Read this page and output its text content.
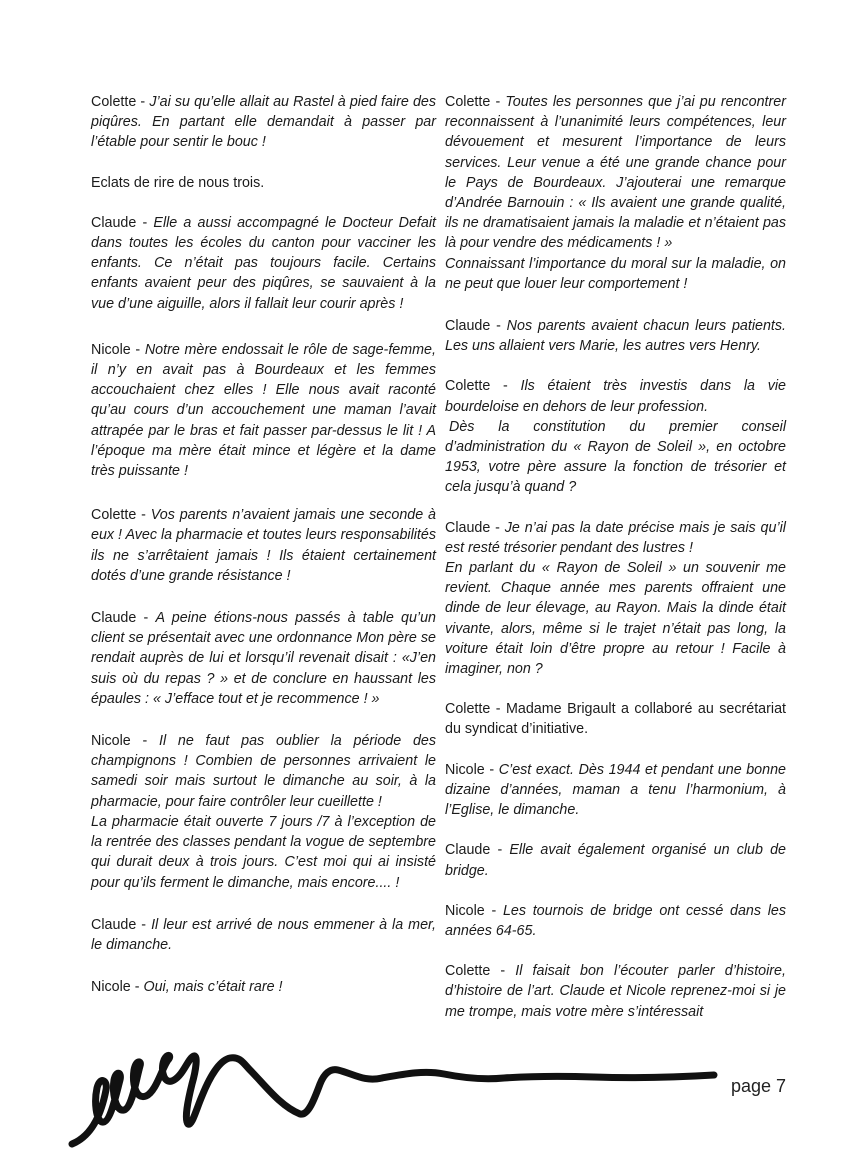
Colette - J’ai su qu’elle allait au Rastel à pied faire des piqûres. En partant elle demandait à passer par l’étable pour sentir le bouc !

Eclats de rire de nous trois.

Claude - Elle a aussi accompagné le Docteur Defait dans toutes les écoles du canton pour vacciner les enfants. Ce n’était pas toujours facile. Certains enfants avaient peur des piqûres, se sauvaient à la vue d’une aiguille, alors il fallait leur courir après !

Nicole - Notre mère endossait le rôle de sage-femme, il n’y en avait pas à Bourdeaux et les femmes accouchaient chez elles ! Elle nous avait raconté qu’au cours d’un accouchement une maman l’avait attrapée par le bras et fait passer par-dessus le lit ! A l’époque ma mère était mince et légère et la dame très puissante !

Colette - Vos parents n’avaient jamais une seconde à eux ! Avec la pharmacie et toutes leurs responsabilités ils ne s’arrêtaient jamais ! Ils étaient certainement dotés d’une grande résistance !

Claude - A peine étions-nous passés à table qu’un client se présentait avec une ordonnance Mon père se rendait auprès de lui et lorsqu’il revenait disait : «J’en suis où du repas ? » et de conclure en haussant les épaules : « J’efface tout et je recommence ! »

Nicole - Il ne faut pas oublier la période des champignons ! Combien de personnes arrivaient le samedi soir mais surtout le dimanche au soir, à la pharmacie, pour faire contrôler leur cueillette !
La pharmacie était ouverte 7 jours /7 à l’exception de la rentrée des classes pendant la vogue de septembre qui durait deux à trois jours. C’est moi qui ai insisté pour qu’ils ferment le dimanche, mais encore.... !

Claude - Il leur est arrivé de nous emmener à la mer, le dimanche.

Nicole - Oui, mais c’était rare !

Colette - Toutes les personnes que j’ai pu rencontrer reconnaissent à l’unanimité leurs compétences, leur dévouement et mesurent l’importance de leurs services. Leur venue a été une grande chance pour le Pays de Bourdeaux. J’ajouterai une remarque d’Andrée Barnouin : « Ils avaient une grande qualité, ils ne dramatisaient jamais la maladie et n’étaient pas là pour vendre des médicaments ! »
Connaissant l’importance du moral sur la maladie, on ne peut que louer leur comportement !

Claude - Nos parents avaient chacun leurs patients. Les uns allaient vers Marie, les autres vers Henry.

Colette - Ils étaient très investis dans la vie bourdeloise en dehors de leur profession.
Dès la constitution du premier conseil d’administration du « Rayon de Soleil », en octobre 1953, votre père assure la fonction de trésorier et cela jusqu’à quand ?

Claude - Je n’ai pas la date précise mais je sais qu’il est resté trésorier pendant des lustres !
En parlant du « Rayon de Soleil » un souvenir me revient. Chaque année mes parents offraient une dinde de leur élevage, au Rayon. Mais la dinde était vivante, alors, même si le trajet n’était pas long, la voiture était loin d’être propre au retour ! Facile à imaginer, non ?

Colette - Madame Brigault a collaboré au secrétariat du syndicat d’initiative.

Nicole - C’est exact. Dès 1944 et pendant une bonne dizaine d’années, maman a tenu l’harmonium, à l’Eglise, le dimanche.

Claude - Elle avait également organisé un club de bridge.

Nicole - Les tournois de bridge ont cessé dans les années 64-65.

Colette - Il faisait bon l’écouter parler d’histoire, d’histoire de l’art. Claude et Nicole reprenez-moi si je me trompe, mais votre mère s’intéressait

page 7
